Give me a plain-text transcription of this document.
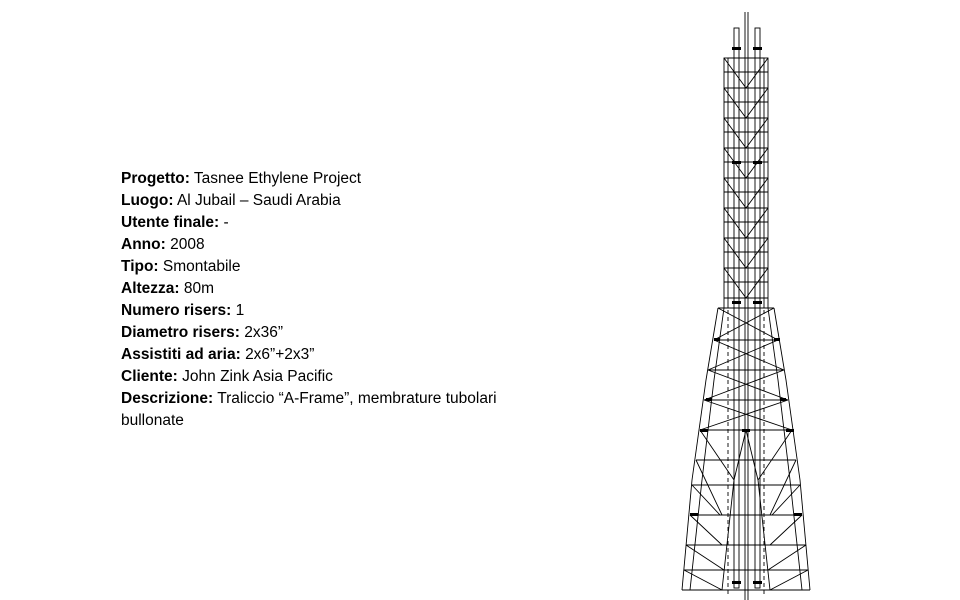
Progetto: Tasnee Ethylene Project

Luogo: Al Jubail – Saudi Arabia

Utente finale: -

Anno: 2008

Tipo: Smontabile

Altezza: 80m

Numero risers: 1

Diametro risers: 2x36”

Assistiti ad aria: 2x6”+2x3”

Cliente: John Zink Asia Pacific

Descrizione: Traliccio “A-Frame”, membrature tubolari bullonate
